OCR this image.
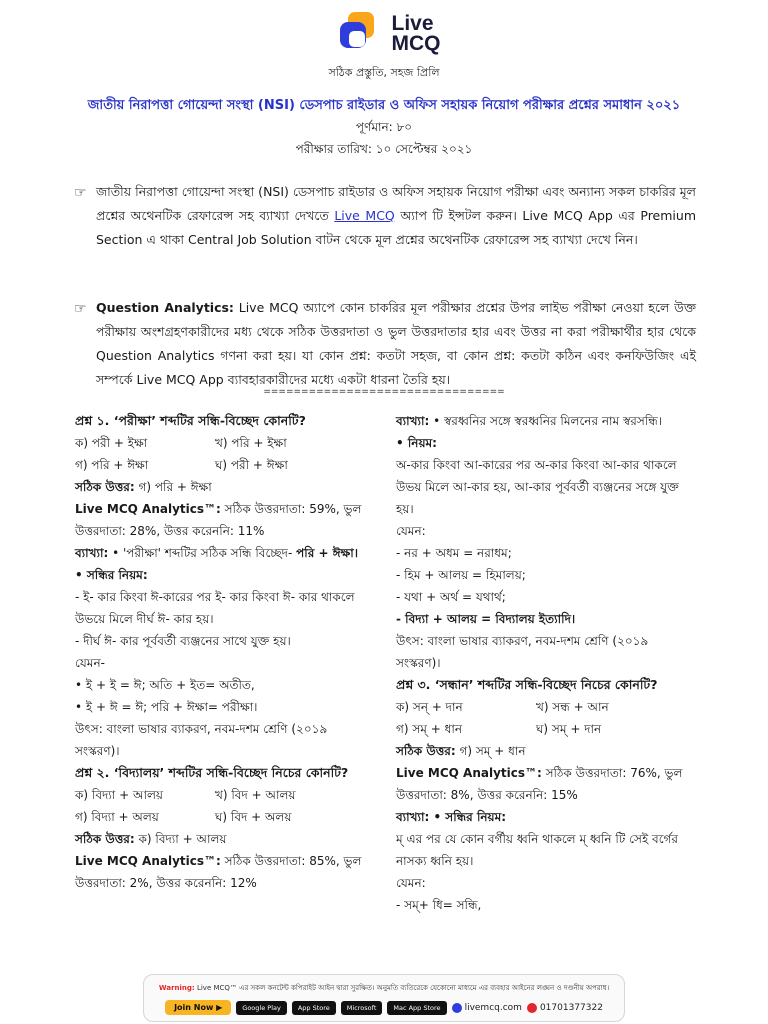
Live
MCQ
সঠিক প্রস্তুতি, সহজ প্রিলি
জাতীয় নিরাপত্তা গোয়েন্দা সংস্থা (NSI) ডেসপাচ রাইডার ও অফিস সহায়ক নিয়োগ পরীক্ষার প্রশ্নের সমাধান ২০২১
পূর্ণমান: ৮০
পরীক্ষার তারিখ: ১০ সেপ্টেম্বর ২০২১
☞ জাতীয় নিরাপত্তা গোয়েন্দা সংস্থা (NSI) ডেসপাচ রাইডার ও অফিস সহায়ক নিয়োগ পরীক্ষা এবং অন্যান্য সকল চাকরির মূল প্রশ্নের অথেনটিক রেফারেন্স সহ ব্যাখ্যা দেখতে Live MCQ অ্যাপ টি ইন্সটল করুন। Live MCQ App এর Premium Section এ থাকা Central Job Solution বাটন থেকে মূল প্রশ্নের অথেনটিক রেফারেন্স সহ ব্যাখ্যা দেখে নিন।
☞ Question Analytics: Live MCQ অ্যাপে কোন চাকরির মূল পরীক্ষার প্রশ্নের উপর লাইভ পরীক্ষা নেওয়া হলে উক্ত পরীক্ষায় অংশগ্রহণকারীদের মধ্য থেকে সঠিক উত্তরদাতা ও ভুল উত্তরদাতার হার এবং উত্তর না করা পরীক্ষার্থীর হার থেকে Question Analytics গণনা করা হয়। যা কোন প্রশ্ন: কতটা সহজ, বা কোন প্রশ্ন: কতটা কঠিন এবং কনফিউজিং এই সম্পর্কে Live MCQ App ব্যাবহারকারীদের মধ্যে একটা ধারনা তৈরি হয়।
================================
প্রশ্ন ১. ‘পরীক্ষা’ শব্দটির সন্ধি-বিচ্ছেদ কোনটি?
ক) পরী + ইক্ষা	খ) পরি + ইক্ষা
গ) পরি + ঈক্ষা	ঘ) পরী + ঈক্ষা
সঠিক উত্তর: গ) পরি + ঈক্ষা
Live MCQ Analytics™: সঠিক উত্তরদাতা: 59%, ভুল উত্তরদাতা: 28%, উত্তর করেননি: 11%
ব্যাখ্যা: • 'পরীক্ষা' শব্দটির সঠিক সন্ধি বিচ্ছেদ- পরি + ঈক্ষা।
• সন্ধির নিয়ম:
- ই- কার কিংবা ঈ-কারের পর ই- কার কিংবা ঈ- কার থাকলে উভয়ে মিলে দীর্ঘ ঈ- কার হয়।
- দীর্ঘ ঈ- কার পূর্ববর্তী ব্যঞ্জনের সাথে যুক্ত হয়।
যেমন-
• ই + ই = ঈ; অতি + ইত= অতীত,
• ই + ঈ = ঈ; পরি + ঈক্ষা= পরীক্ষা।
উৎস: বাংলা ভাষার ব্যাকরণ, নবম-দশম শ্রেণি (২০১৯ সংস্করণ)।
প্রশ্ন ২. ‘বিদ্যালয়’ শব্দটির সন্ধি-বিচ্ছেদ নিচের কোনটি?
ক) বিদ্যা + আলয়	খ) বিদ + আলয়
গ) বিদ্যা + অলয়	ঘ) বিদ + অলয়
সঠিক উত্তর: ক) বিদ্যা + আলয়
Live MCQ Analytics™: সঠিক উত্তরদাতা: 85%, ভুল উত্তরদাতা: 2%, উত্তর করেননি: 12%
ব্যাখ্যা: • স্বরধ্বনির সঙ্গে স্বরধ্বনির মিলনের নাম স্বরসন্ধি।
• নিয়ম:
অ-কার কিংবা আ-কারের পর অ-কার কিংবা আ-কার থাকলে উভয় মিলে আ-কার হয়, আ-কার পূর্ববর্তী ব্যঞ্জনের সঙ্গে যুক্ত হয়।
যেমন:
- নর + অধম = নরাধম;
- হিম + আলয় = হিমালয়;
- যথা + অর্থ = যথার্থ;
- বিদ্যা + আলয় = বিদ্যালয় ইত্যাদি।
উৎস: বাংলা ভাষার ব্যাকরণ, নবম-দশম শ্রেণি (২০১৯ সংস্করণ)।
প্রশ্ন ৩. ‘সন্ধান’ শব্দটির সন্ধি-বিচ্ছেদ নিচের কোনটি?
ক) সন্ + দান	খ) সন্ধ + আন
গ) সম্ + ধান	ঘ) সম্ + দান
সঠিক উত্তর: গ) সম্ + ধান
Live MCQ Analytics™: সঠিক উত্তরদাতা: 76%, ভুল উত্তরদাতা: 8%, উত্তর করেননি: 15%
ব্যাখ্যা: • সন্ধির নিয়ম:
ম্ এর পর যে কোন বর্গীয় ধ্বনি থাকলে ম্ ধ্বনি টি সেই বর্গের নাসক্য ধ্বনি হয়।
যেমন:
- সম্+ ধি= সন্ধি,
Warning: Live MCQ™ এর সকল কনটেন্ট কপিরাইট আইন দ্বারা সুরক্ষিত। অনুমতি ব্যতিরেকে যেকোনো মাধ্যমে এর ব্যবহার আইনের লঙ্ঘন ও দণ্ডনীয় অপরাধ।
Join Now ▶	Google Play	App Store	Microsoft	Mac App Store	livemcq.com 01701377322
